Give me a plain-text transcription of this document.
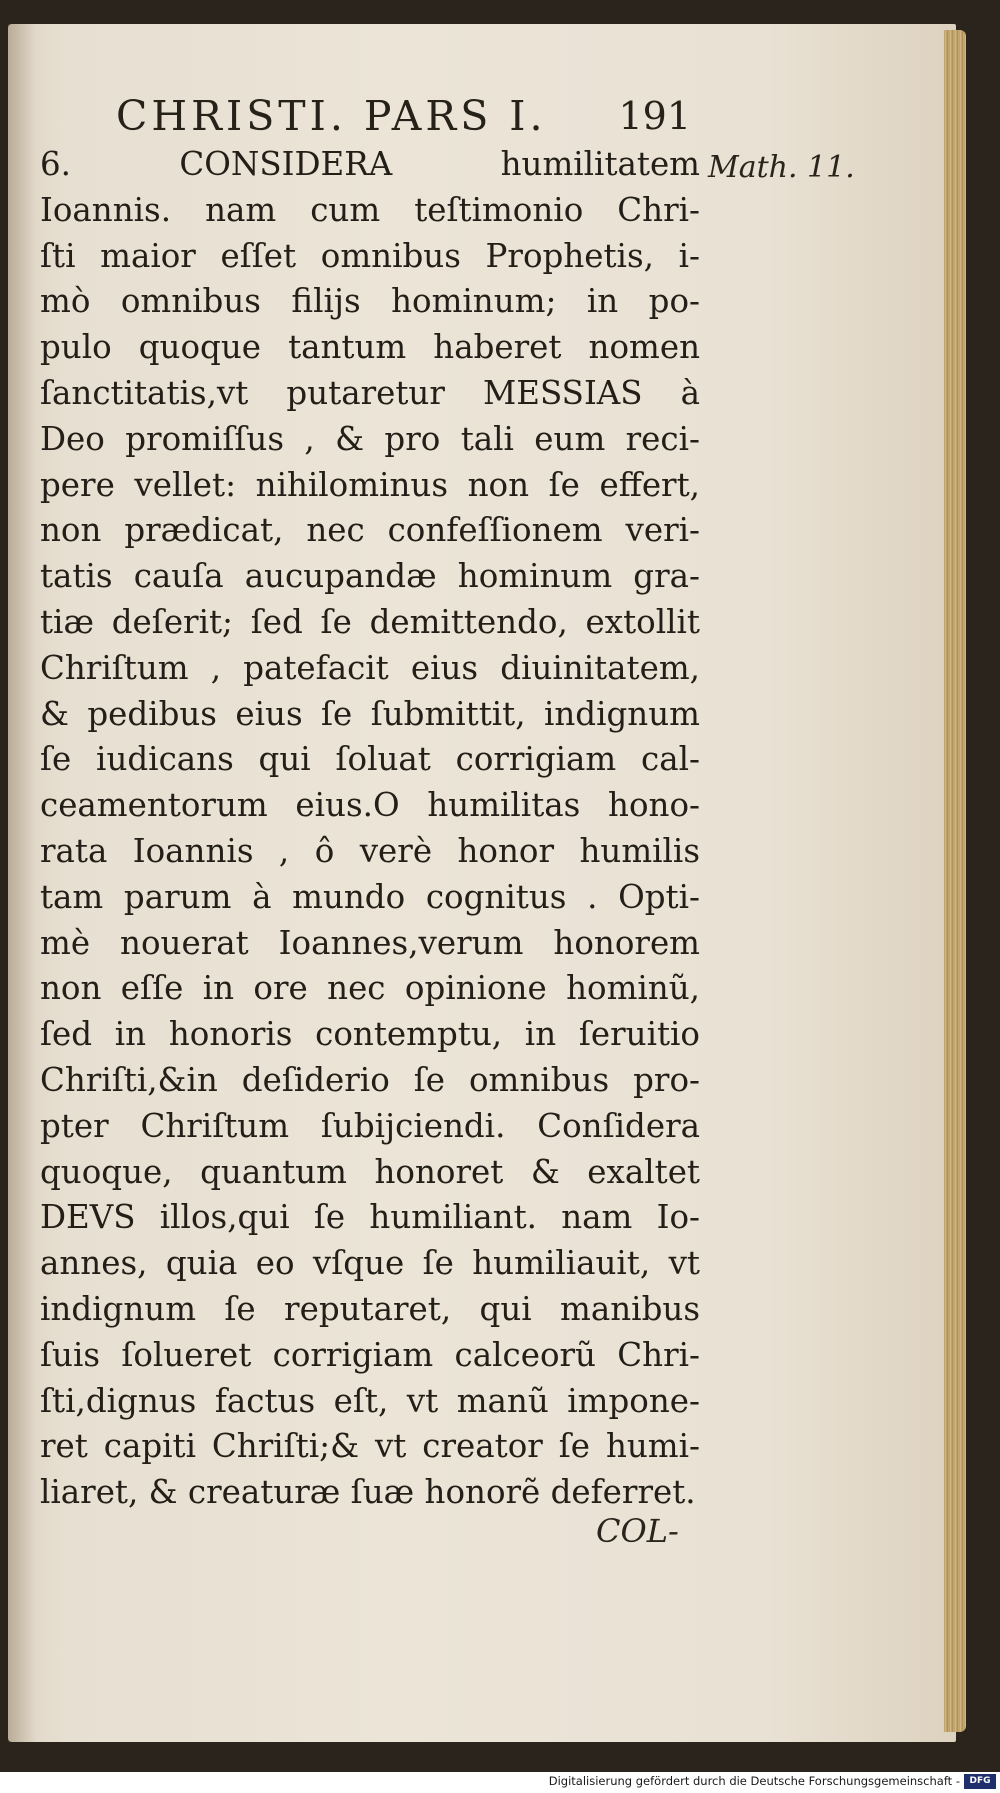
CHRISTI. PARS I. 191
Math. 11.
6. CONSIDERA humilitatem
Ioannis. nam cum teſtimonio Chri-
ſti maior eſſet omnibus Prophetis, i-
mò omnibus filijs hominum; in po-
pulo quoque tantum haberet nomen
ſanctitatis,vt putaretur MESSIAS à
Deo promiſſus , & pro tali eum reci-
pere vellet: nihilominus non ſe effert,
non prædicat, nec confeſſionem veri-
tatis cauſa aucupandæ hominum gra-
tiæ deſerit; ſed ſe demittendo, extollit
Chriſtum , patefacit eius diuinitatem,
& pedibus eius ſe ſubmittit, indignum
ſe iudicans qui ſoluat corrigiam cal-
ceamentorum eius.O humilitas hono-
rata Ioannis , ô verè honor humilis
tam parum à mundo cognitus . Opti-
mè nouerat Ioannes,verum honorem
non eſſe in ore nec opinione hominũ,
ſed in honoris contemptu, in ſeruitio
Chriſti,&in deſiderio ſe omnibus pro-
pter Chriſtum ſubijciendi. Conſidera
quoque, quantum honoret & exaltet
DEVS illos,qui ſe humiliant. nam Io-
annes, quia eo vſque ſe humiliauit, vt
indignum ſe reputaret, qui manibus
ſuis ſolueret corrigiam calceorũ Chri-
ſti,dignus factus eſt, vt manũ impone-
ret capiti Chriſti;& vt creator ſe humi-
liaret, & creaturæ ſuæ honorẽ deferret.
COL-
Digitalisierung gefördert durch die Deutsche Forschungsgemeinschaft -	DFG
